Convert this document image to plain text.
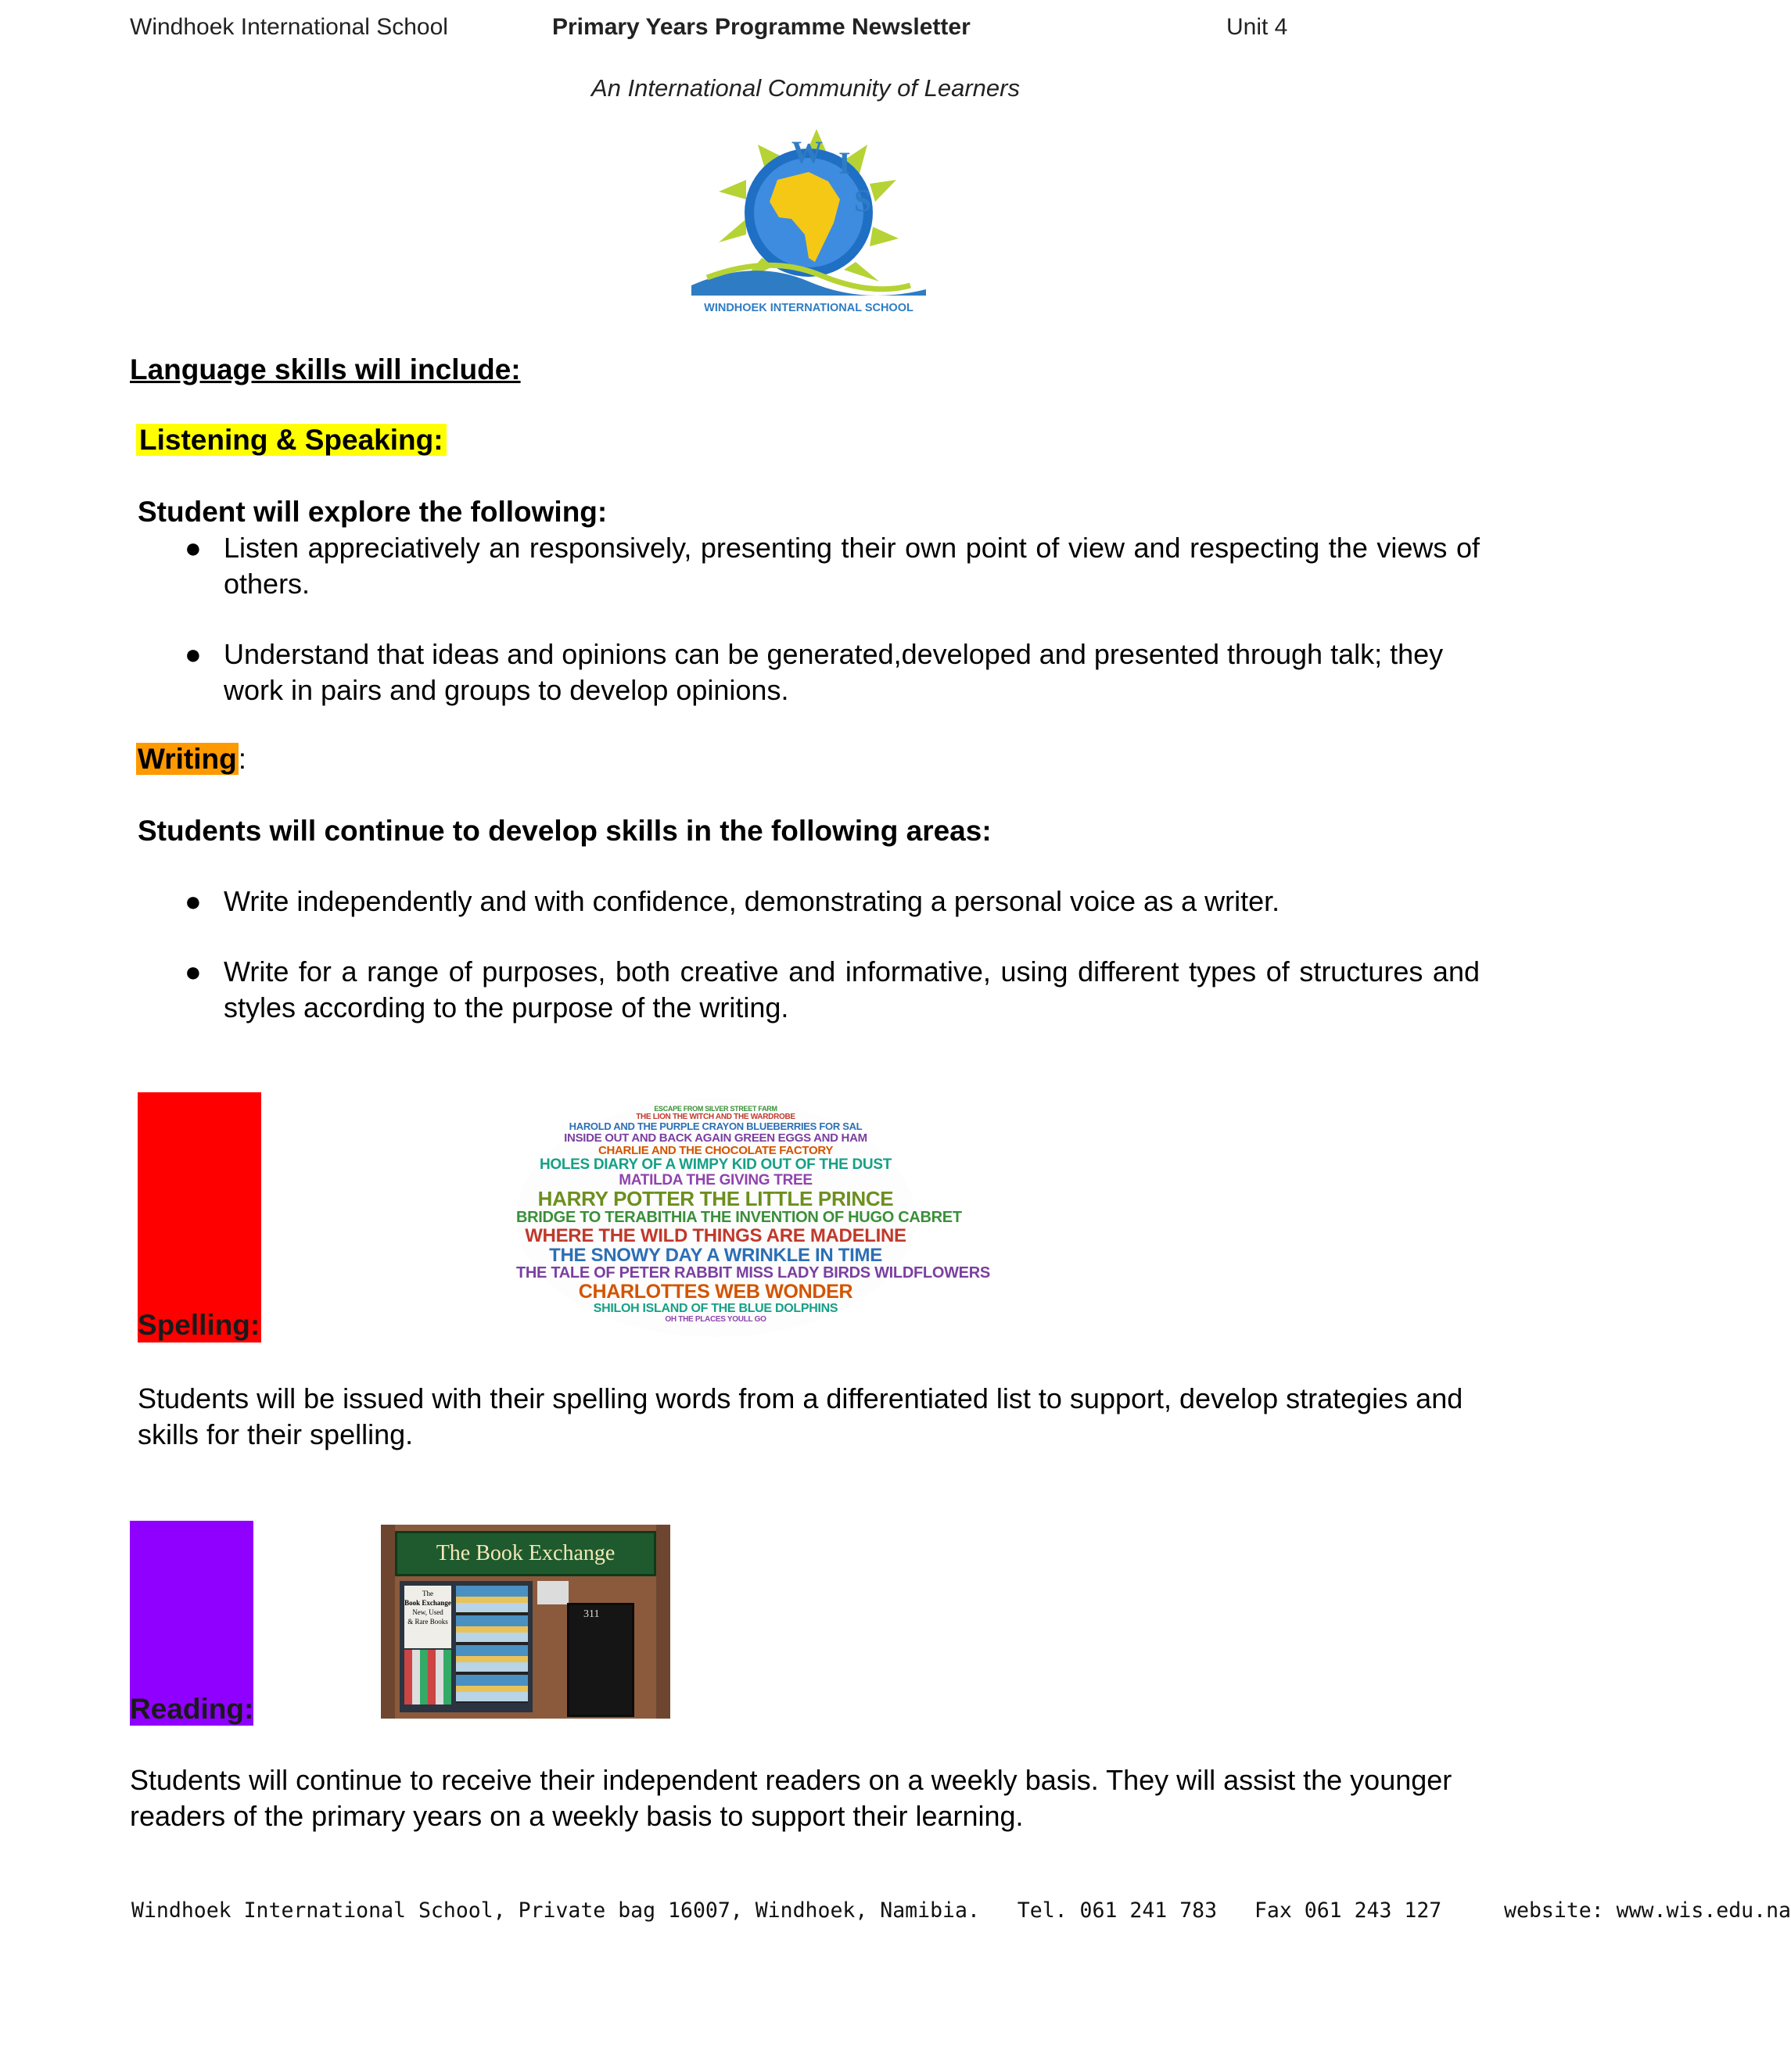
Windhoek International School	Primary Years Programme Newsletter	Unit 4
An International Community of Learners
W I
S
WINDHOEK INTERNATIONAL SCHOOL
Language skills will include:
Listening & Speaking:
Student will explore the following:
● Listen appreciatively an responsively, presenting their own point of view and respecting the views of others.
● Understand that ideas and opinions can be generated,developed and presented through talk; they work in pairs and groups to develop opinions.
Writing:
Students will continue to develop skills in the following areas:
● Write independently and with confidence, demonstrating a personal voice as a writer.
● Write for a range of purposes, both creative and informative, using different types of structures and styles according to the purpose of the writing.
Spelling:
ESCAPE FROM SILVER STREET FARM
THE LION THE WITCH AND THE WARDROBE
HAROLD AND THE PURPLE CRAYON BLUEBERRIES FOR SAL
INSIDE OUT AND BACK AGAIN GREEN EGGS AND HAM
CHARLIE AND THE CHOCOLATE FACTORY
HOLES DIARY OF A WIMPY KID OUT OF THE DUST
MATILDA THE GIVING TREE
HARRY POTTER THE LITTLE PRINCE
BRIDGE TO TERABITHIA THE INVENTION OF HUGO CABRET
WHERE THE WILD THINGS ARE MADELINE
THE SNOWY DAY A WRINKLE IN TIME
THE TALE OF PETER RABBIT MISS LADY BIRDS WILDFLOWERS
CHARLOTTES WEB WONDER
SHILOH ISLAND OF THE BLUE DOLPHINS
OH THE PLACES YOULL GO
Students will be issued with their spelling words from a differentiated list to support, develop strategies and skills for their spelling.
Reading:
The Book Exchange
The
Book Exchange
New, Used
& Rare Books
311
Students will continue to receive their independent readers on a weekly basis. They will assist the younger readers of the primary years on a weekly basis to support their learning.
Windhoek International School, Private bag 16007, Windhoek, Namibia. Tel. 061 241 783 Fax 061 243 127	website: www.wis.edu.na
